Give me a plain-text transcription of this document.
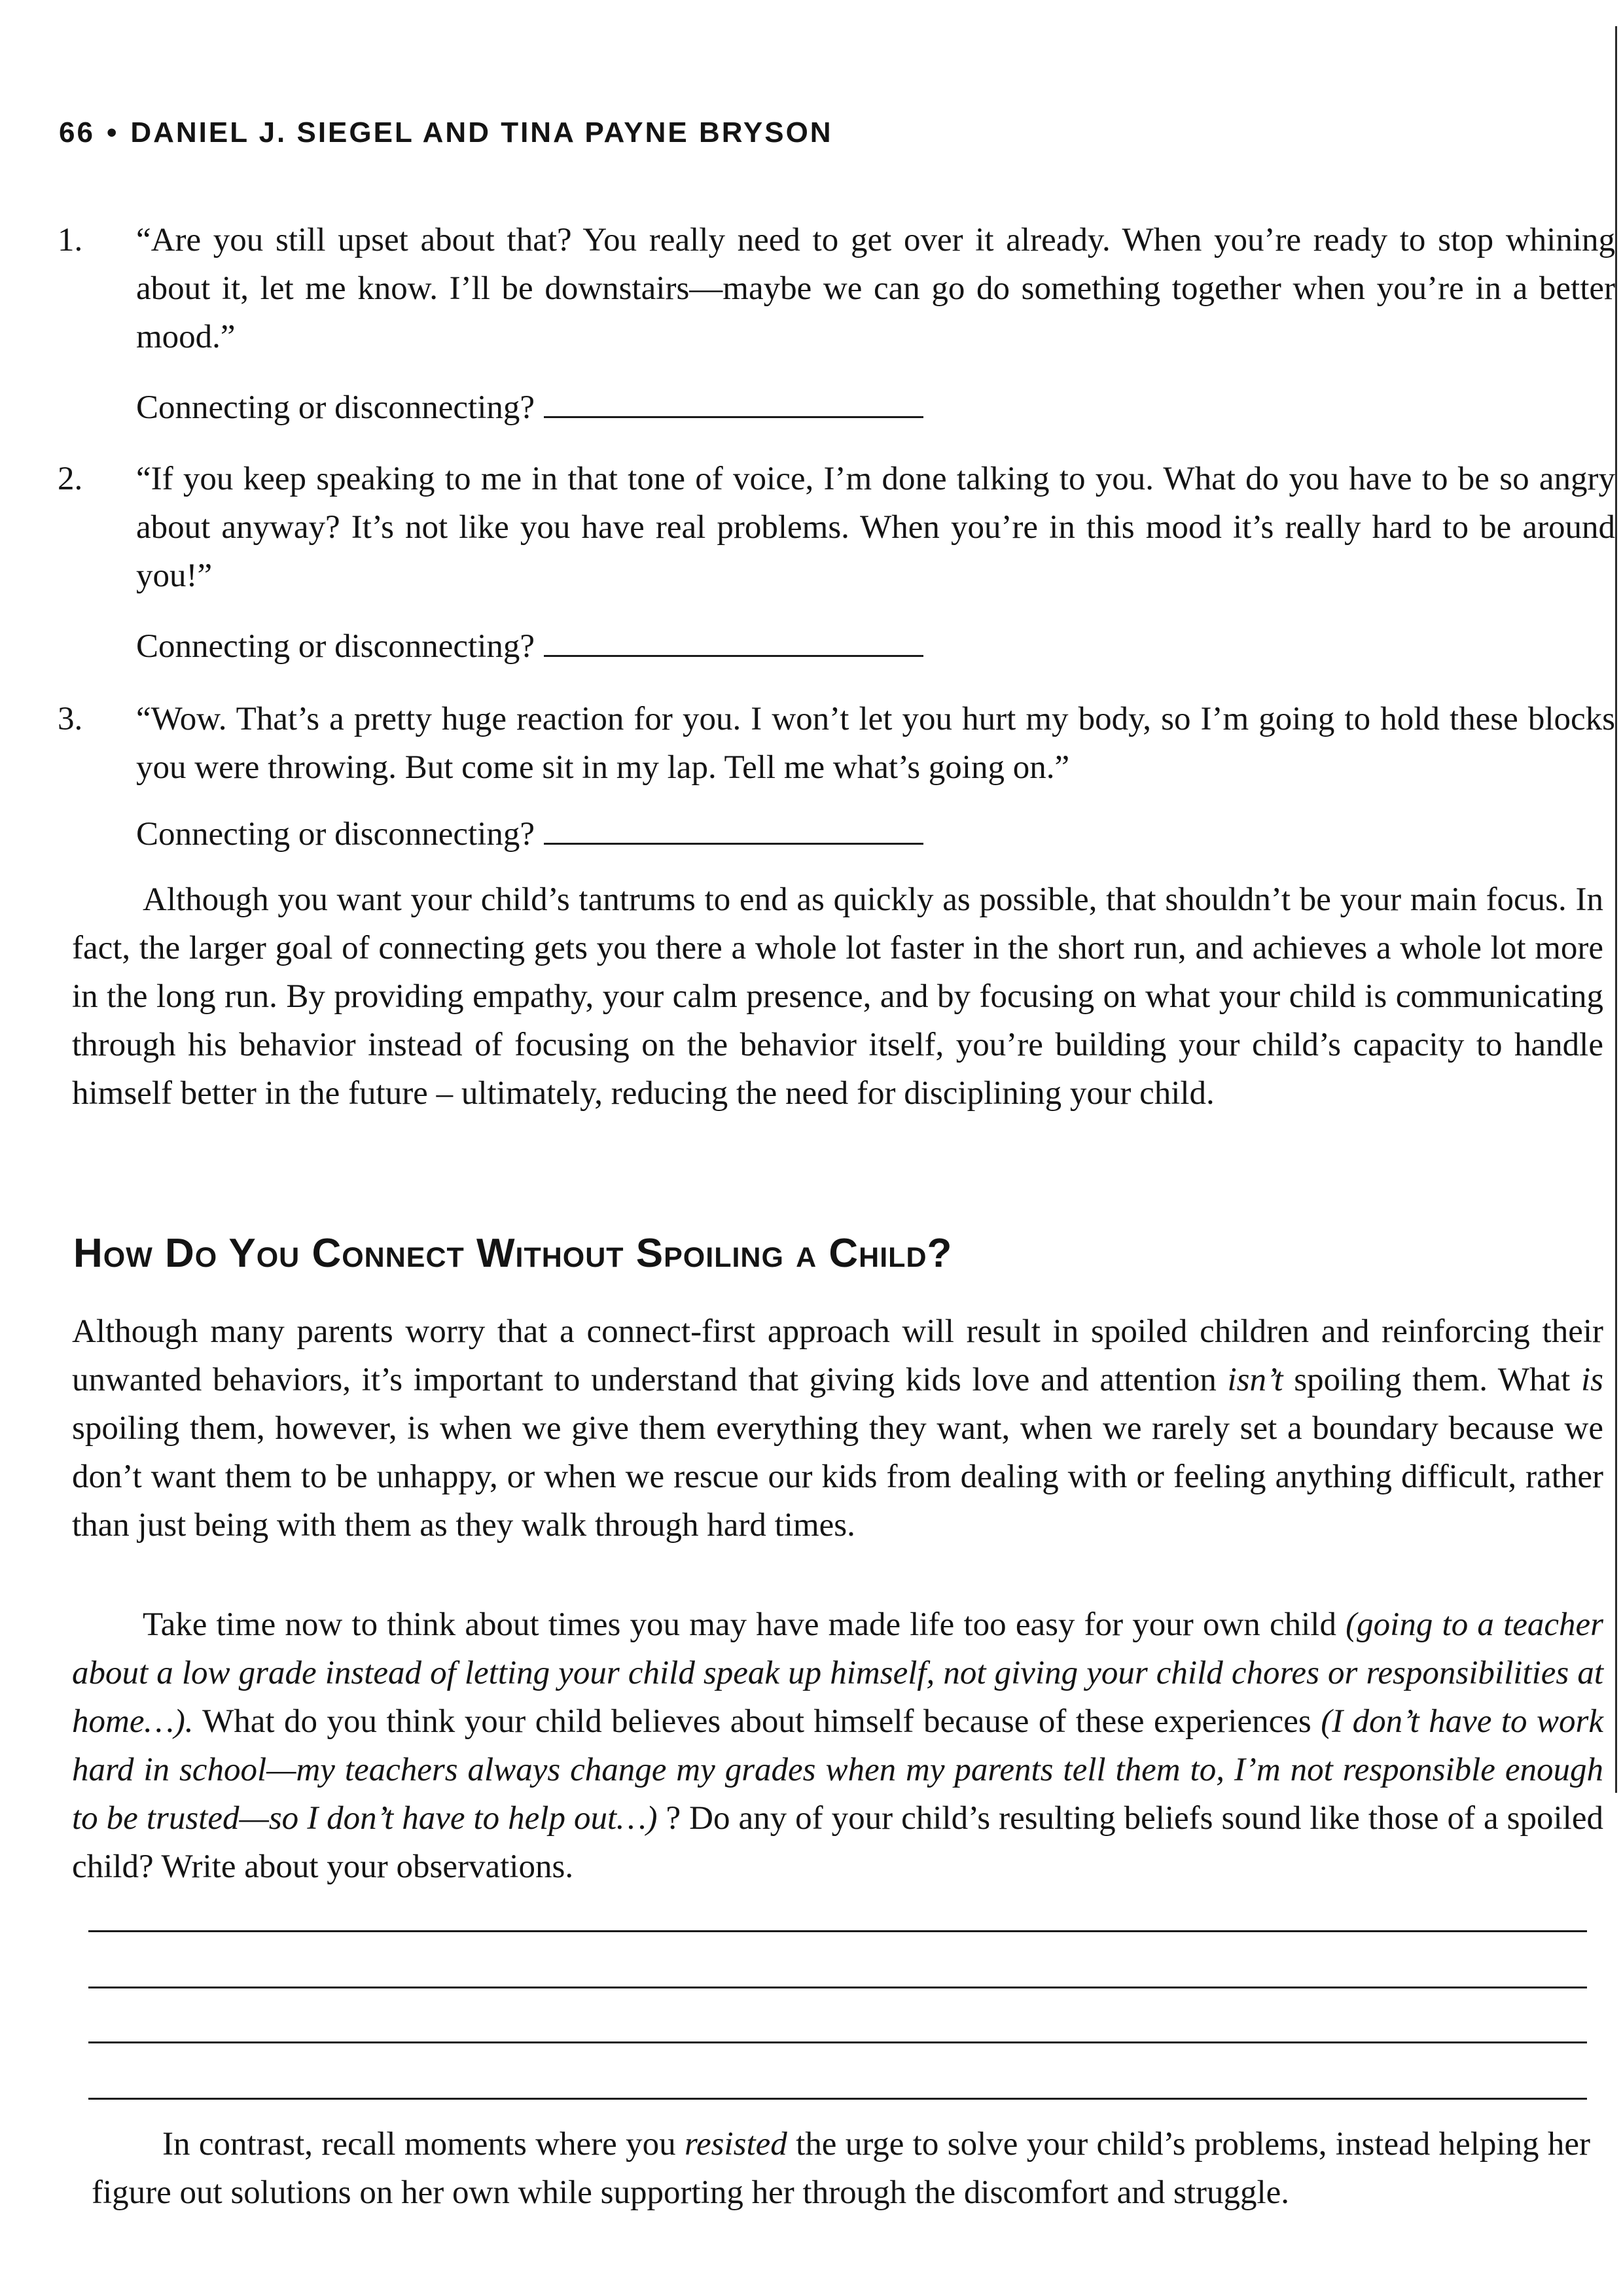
66 • DANIEL J. SIEGEL AND TINA PAYNE BRYSON
1. “Are you still upset about that? You really need to get over it already. When you’re ready to stop whining about it, let me know. I’ll be downstairs—maybe we can go do something together when you’re in a better mood.”
Connecting or disconnecting?
2. “If you keep speaking to me in that tone of voice, I’m done talking to you. What do you have to be so angry about anyway? It’s not like you have real problems. When you’re in this mood it’s really hard to be around you!”
Connecting or disconnecting?
3. “Wow. That’s a pretty huge reaction for you. I won’t let you hurt my body, so I’m going to hold these blocks you were throwing. But come sit in my lap. Tell me what’s going on.”
Connecting or disconnecting?
Although you want your child’s tantrums to end as quickly as possible, that shouldn’t be your main focus. In fact, the larger goal of connecting gets you there a whole lot faster in the short run, and achieves a whole lot more in the long run. By providing empathy, your calm presence, and by focusing on what your child is communicating through his behavior instead of focusing on the behavior itself, you’re building your child’s capacity to handle himself better in the future – ultimately, reducing the need for disciplining your child.
How Do You Connect Without Spoiling a Child?
Although many parents worry that a connect-first approach will result in spoiled children and reinforcing their unwanted behaviors, it’s important to understand that giving kids love and attention isn’t spoiling them. What is spoiling them, however, is when we give them everything they want, when we rarely set a boundary because we don’t want them to be unhappy, or when we rescue our kids from dealing with or feeling anything difficult, rather than just being with them as they walk through hard times.
Take time now to think about times you may have made life too easy for your own child (going to a teacher about a low grade instead of letting your child speak up himself, not giving your child chores or responsibilities at home…). What do you think your child believes about himself because of these experiences (I don’t have to work hard in school—my teachers always change my grades when my parents tell them to, I’m not responsible enough to be trusted—so I don’t have to help out…) ? Do any of your child’s resulting beliefs sound like those of a spoiled child? Write about your observations.
In contrast, recall moments where you resisted the urge to solve your child’s problems, instead helping her figure out solutions on her own while supporting her through the discomfort and struggle.
